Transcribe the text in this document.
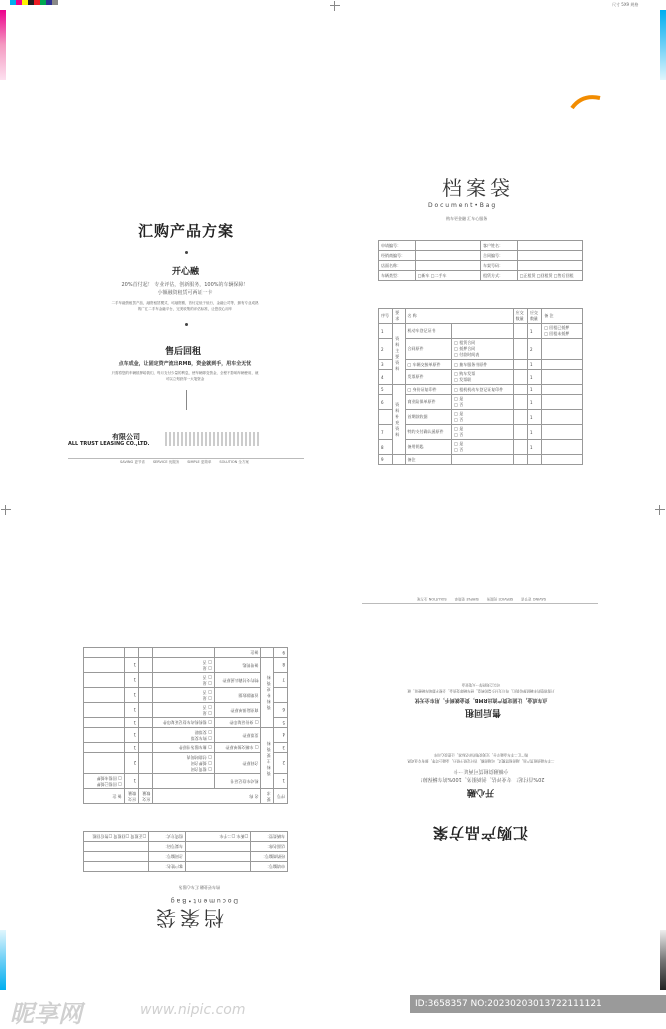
尺寸 5X9 规格
汇购产品方案
开心融
20%首付起！ 专业评估，创新服务，100%的车辆保障！
小额融资租赁可两证一卡
二手车融资租赁产品，融资租赁模式，可融资额，首付定低于低行，金融公司等，拥有专业成熟的广汇二手车金融平台，完美收集的评估标准，让您放心用车
售后回租
点车成金，让固定资产流出RMB，资金就到手，用车全无忧
只需将您的车辆抵押给我们，每月支付少量的利息，使车辆即变资金，全程不影响车辆使用，就可以立刻获得一大笔资金
有限公司
ALL TRUST LEASING CO.,LTD.
SAVING 更节省 SERVICE 优服务 SIMPLE 更简单 SOLUTION 全方案
档案袋
D o c u m e n t • B a g
购车更金融 汇车心服务
申请编号：		客户姓名：	
经销商编号：		合同编号：	
店面名称：		车架号码：	
车辆类型：	□新车 □二手车	租赁方式：	□正租赁 □回租赁 □售后回租
序号	要求	名 称		应交数量	应交数量	备 注
1	资料主要资料	机动车登记证书			1	□ 回租已抵押
□ 回租未抵押
2		合同原件	□ 租赁合同
□ 抵押合同
□ 付款时间表		2	
3		□ 车辆交接单原件	□ 抽车服务书原件		1	
4		发票原件	□ 购车发票
□ 发票联		1	
5	资料补充资料	□ 身份证复印件	□ 租机机动车登记证复印件		1	
6		商业险保单原件	□ 是
□ 否		1	
		首期款收据	□ 是
□ 否		1	
7		特约支付确认函原件	□ 是
□ 否		1	
8		备用钥匙	□ 是
□ 否		1	
9		备注				
汇购产品方案
开心融
20%首付起！ 专业评估，创新服务，100%的车辆保障！
小额融资租赁可两证一卡
二手车融资租赁产品，融资租赁模式，可融资额，首付定低于低行，金融公司等，拥有专业成熟的广汇二手车金融平台，完美收集的评估标准，让您放心用车
售后回租
点车成金，让固定资产流出RMB，资金就到手，用车全无忧
只需将您的车辆抵押给我们，每月支付少量的利息，使车辆即变资金，全程不影响车辆使用，就可以立刻获得一大笔资金
SAVING 更节省
SERVICE 优服务
SIMPLE 更简单
SOLUTION 全方案
档案袋
D o c u m e n t • B a g
购车更金融 汇车心服务
申请编号：		客户姓名：	
经销商编号：		合同编号：	
店面名称：		车架号码：	
车辆类型：	□新车 □二手车	租赁方式：	□正租赁 □回租赁 □售后回租
序号	要求	名 称		应交数量	应交数量	备 注
1	资料主要资料	机动车登记证书			1	□ 回租已抵押
□ 回租未抵押
2		合同原件	□ 租赁合同
□ 抵押合同
□ 付款时间表		2	
3		□ 车辆交接单原件	□ 抽车服务书原件		1	
4		发票原件	□ 购车发票
□ 发票联		1	
5	资料补充资料	□ 身份证复印件	□ 租机机动车登记证复印件		1	
6		商业险保单原件	□ 是
□ 否		1	
		首期款收据	□ 是
□ 否		1	
7		特约支付确认函原件	□ 是
□ 否		1	
8		备用钥匙	□ 是
□ 否		1	
9		备注				
昵享网	www.nipic.com	ID:3658357 NO:20230203013722111121
